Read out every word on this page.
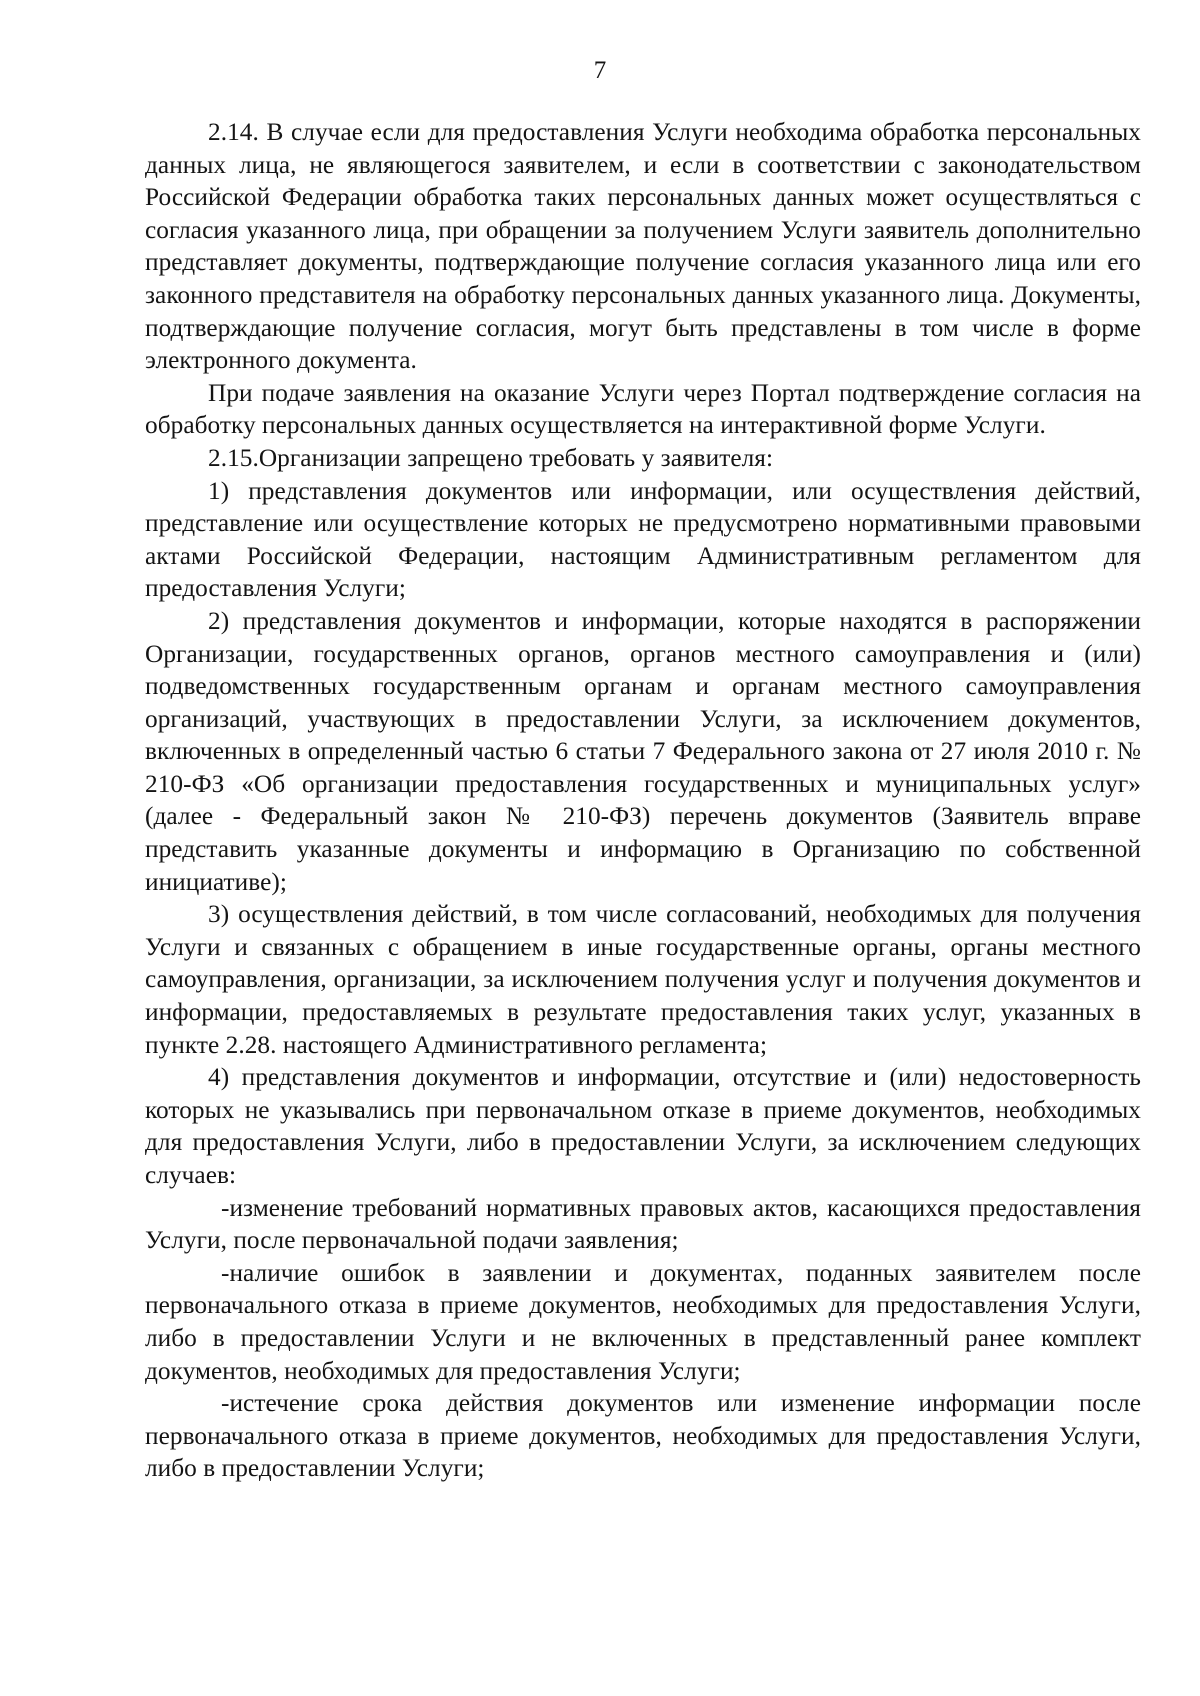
7

2.14. В случае если для предоставления Услуги необходима обработка персональных данных лица, не являющегося заявителем, и если в соответствии с законодательством Российской Федерации обработка таких персональных данных может осуществляться с согласия указанного лица, при обращении за получением Услуги заявитель дополнительно представляет документы, подтверждающие получение согласия указанного лица или его законного представителя на обработку персональных данных указанного лица. Документы, подтверждающие получение согласия, могут быть представлены в том числе в форме электронного документа.

При подаче заявления на оказание Услуги через Портал подтверждение согласия на обработку персональных данных осуществляется на интерактивной форме Услуги.

2.15.Организации запрещено требовать у заявителя:

1) представления документов или информации, или осуществления действий, представление или осуществление которых не предусмотрено нормативными правовыми актами Российской Федерации, настоящим Административным регламентом для предоставления Услуги;

2) представления документов и информации, которые находятся в распоряжении Организации, государственных органов, органов местного самоуправления и (или) подведомственных государственным органам и органам местного самоуправления организаций, участвующих в предоставлении Услуги, за исключением документов, включенных в определенный частью 6 статьи 7 Федерального закона от 27 июля 2010 г. № 210-ФЗ «Об организации предоставления государственных и муниципальных услуг» (далее - Федеральный закон № 210-ФЗ) перечень документов (Заявитель вправе представить указанные документы и информацию в Организацию по собственной инициативе);

3) осуществления действий, в том числе согласований, необходимых для получения Услуги и связанных с обращением в иные государственные органы, органы местного самоуправления, организации, за исключением получения услуг и получения документов и информации, предоставляемых в результате предоставления таких услуг, указанных в пункте 2.28. настоящего Административного регламента;

4) представления документов и информации, отсутствие и (или) недостоверность которых не указывались при первоначальном отказе в приеме документов, необходимых для предоставления Услуги, либо в предоставлении Услуги, за исключением следующих случаев:

-изменение требований нормативных правовых актов, касающихся предоставления Услуги, после первоначальной подачи заявления;

-наличие ошибок в заявлении и документах, поданных заявителем после первоначального отказа в приеме документов, необходимых для предоставления Услуги, либо в предоставлении Услуги и не включенных в представленный ранее комплект документов, необходимых для предоставления Услуги;

-истечение срока действия документов или изменение информации после первоначального отказа в приеме документов, необходимых для предоставления Услуги, либо в предоставлении Услуги;
